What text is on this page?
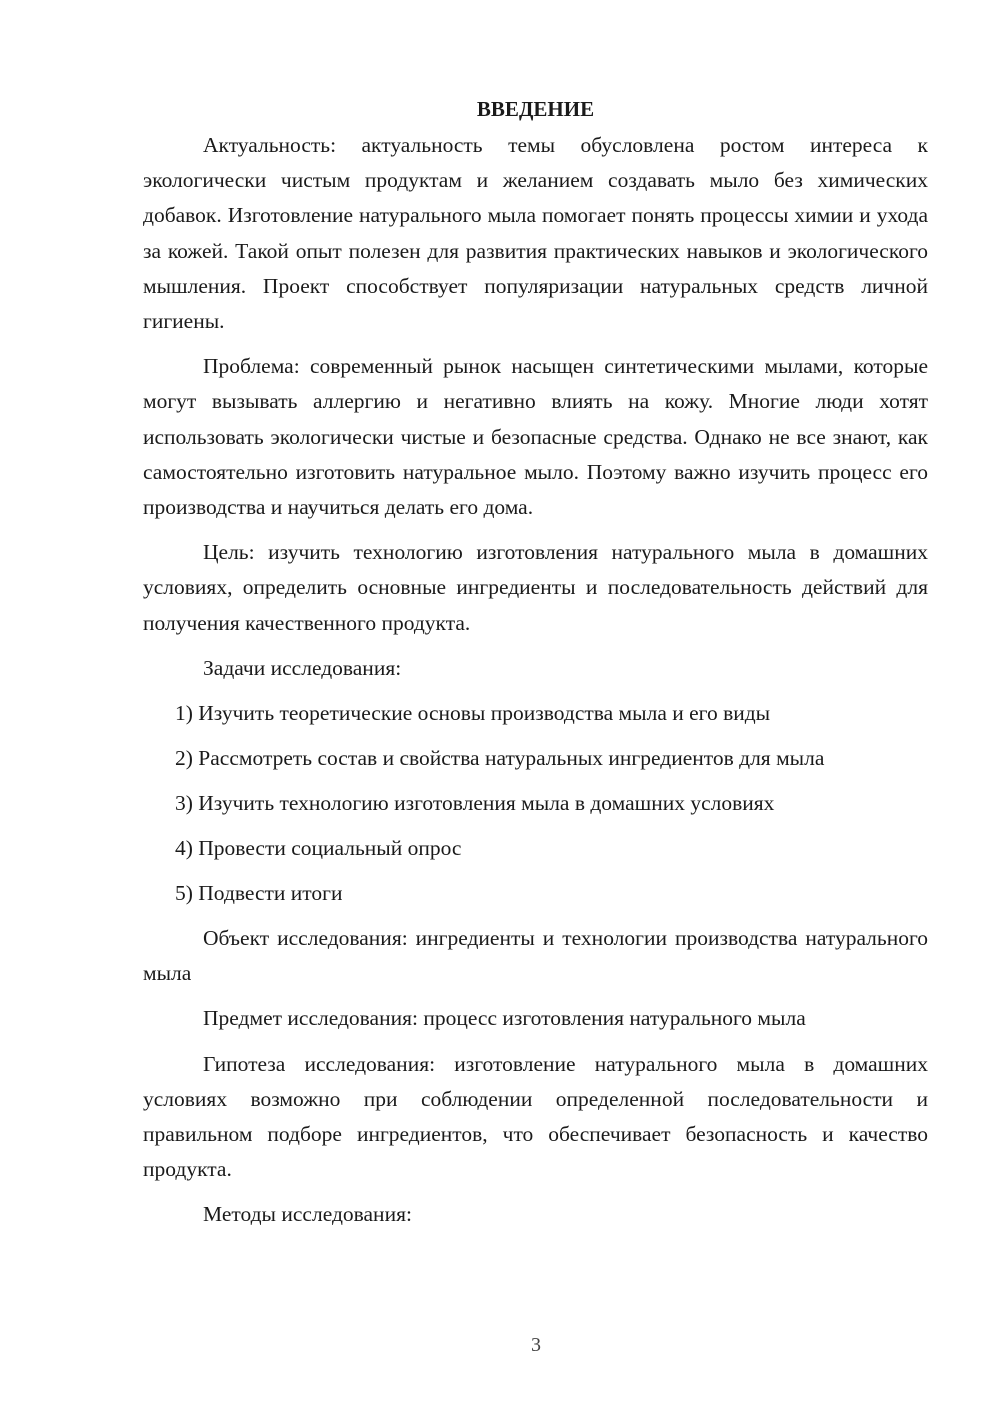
ВВЕДЕНИЕ

Актуальность: актуальность темы обусловлена ростом интереса к экологически чистым продуктам и желанием создавать мыло без химических добавок. Изготовление натурального мыла помогает понять процессы химии и ухода за кожей. Такой опыт полезен для развития практических навыков и экологического мышления. Проект способствует популяризации натуральных средств личной гигиены.

Проблема: современный рынок насыщен синтетическими мылами, которые могут вызывать аллергию и негативно влиять на кожу. Многие люди хотят использовать экологически чистые и безопасные средства. Однако не все знают, как самостоятельно изготовить натуральное мыло. Поэтому важно изучить процесс его производства и научиться делать его дома.

Цель: изучить технологию изготовления натурального мыла в домашних условиях, определить основные ингредиенты и последовательность действий для получения качественного продукта.

Задачи исследования:

1) Изучить теоретические основы производства мыла и его виды
2) Рассмотреть состав и свойства натуральных ингредиентов для мыла
3) Изучить технологию изготовления мыла в домашних условиях
4) Провести социальный опрос
5) Подвести итоги

Объект исследования: ингредиенты и технологии производства натурального мыла

Предмет исследования: процесс изготовления натурального мыла

Гипотеза исследования: изготовление натурального мыла в домашних условиях возможно при соблюдении определенной последовательности и правильном подборе ингредиентов, что обеспечивает безопасность и качество продукта.

Методы исследования:

3
